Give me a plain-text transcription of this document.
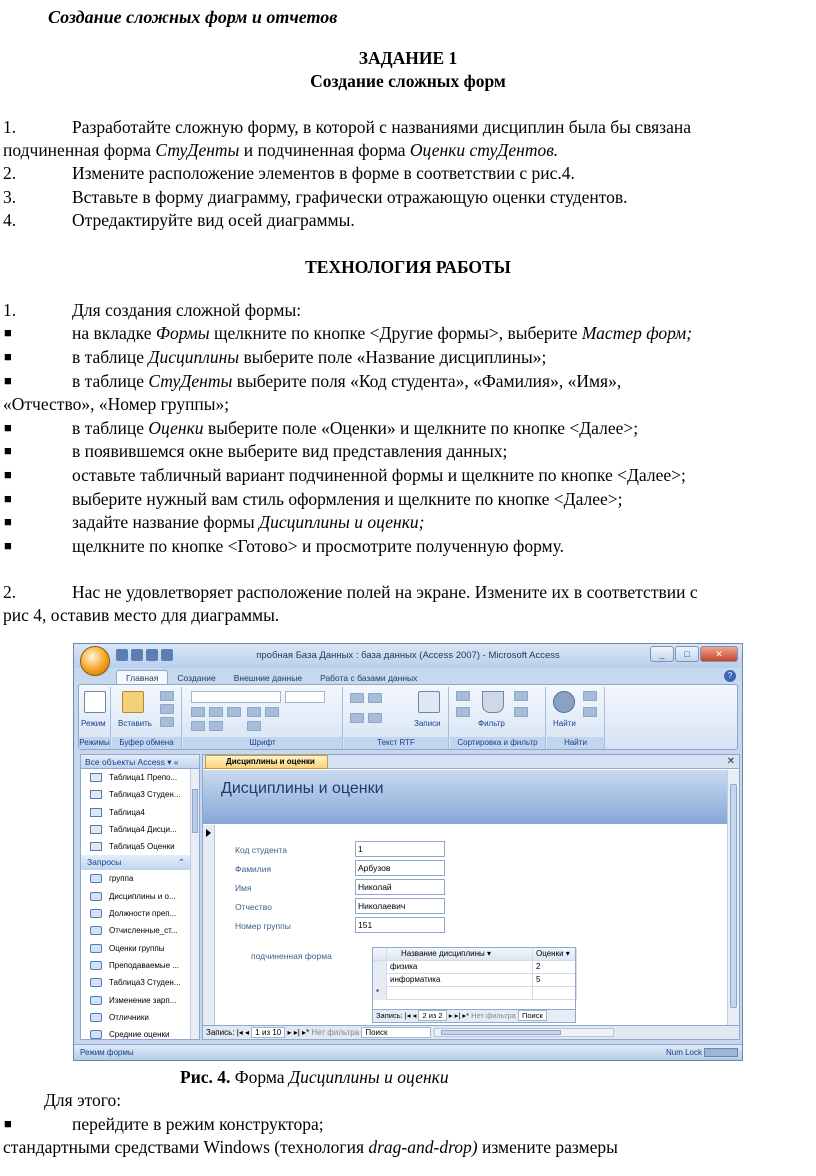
Создание сложных форм и отчетов
ЗАДАНИЕ 1
Создание сложных форм
1.	Разработайте сложную форму, в которой с названиями дисциплин была бы связана
подчиненная форма СтуДенты и подчиненная форма Оценки стуДентов.
2.	Измените расположение элементов в форме в соответствии с рис.4.
3.	Вставьте в форму диаграмму, графически отражающую оценки студентов.
4.	Отредактируйте вид осей диаграммы.
ТЕХНОЛОГИЯ РАБОТЫ
1.	Для создания сложной формы:
■	на вкладке Формы щелкните по кнопке <Другие формы>, выберите Мастер форм;
■	в таблице Дисциплины выберите поле «Название дисциплины»;
■	в таблице СтуДенты выберите поля «Код студента», «Фамилия», «Имя»,
«Отчество», «Номер группы»;
■	в таблице Оценки выберите поле «Оценки» и щелкните по кнопке <Далее>;
■	в появившемся окне выберите вид представления данных;
■	оставьте табличный вариант подчиненной формы и щелкните по кнопке <Далее>;
■	выберите нужный вам стиль оформления и щелкните по кнопке <Далее>;
■	задайте название формы Дисциплины и оценки;
■	щелкните по кнопке <Готово> и просмотрите полученную форму.
2.	Нас не удовлетворяет расположение полей на экране. Измените их в соответствии с
рис 4, оставив место для диаграммы.
пробная База Данных : база данных (Access 2007) - Microsoft Access	_ □	✕
Главная Создание Внешние данные Работа с базами данных	?
Режим
Режимы
Вставить
Буфер обмена	Шрифт
Записи
Текст RTF
Фильтр
Сортировка и фильтр
Найти
Найти
Все объекты Access ▾ «
Таблица1 Препо...
Таблица3 Студен...
Таблица4
Таблица4 Дисци...
Таблица5 Оценки
Запросы	⌃
группа
Дисциплины и о...
Должности преп...
Отчисленные_ст...
Оценки группы
Преподаваемые ...
Таблица3 Студен...
Изменение зарп...
Отличники
Средние оценки
Дисциплины и оценки	✕
Дисциплины и оценки
Код студента	1
Фамилия	Арбузов
Имя	Николай
Отчество	Николаевич
Номер группы	151
подчиненная форма	Название дисциплины ▾	Оценки ▾
физика	2
информатика	5
*
Запись: |◂ ◂ 2 из 2 ▸ ▸| ▸* Нет фильтра Поиск
Запись: |◂ ◂ 1 из 10 ▸ ▸| ▸* Нет фильтра Поиск
Режим формы	Num Lock
Рис. 4. Форма Дисциплины и оценки
Для этого:
■	перейдите в режим конструктора;
стандартными средствами Windows (технология drag-and-drop) измените размеры
